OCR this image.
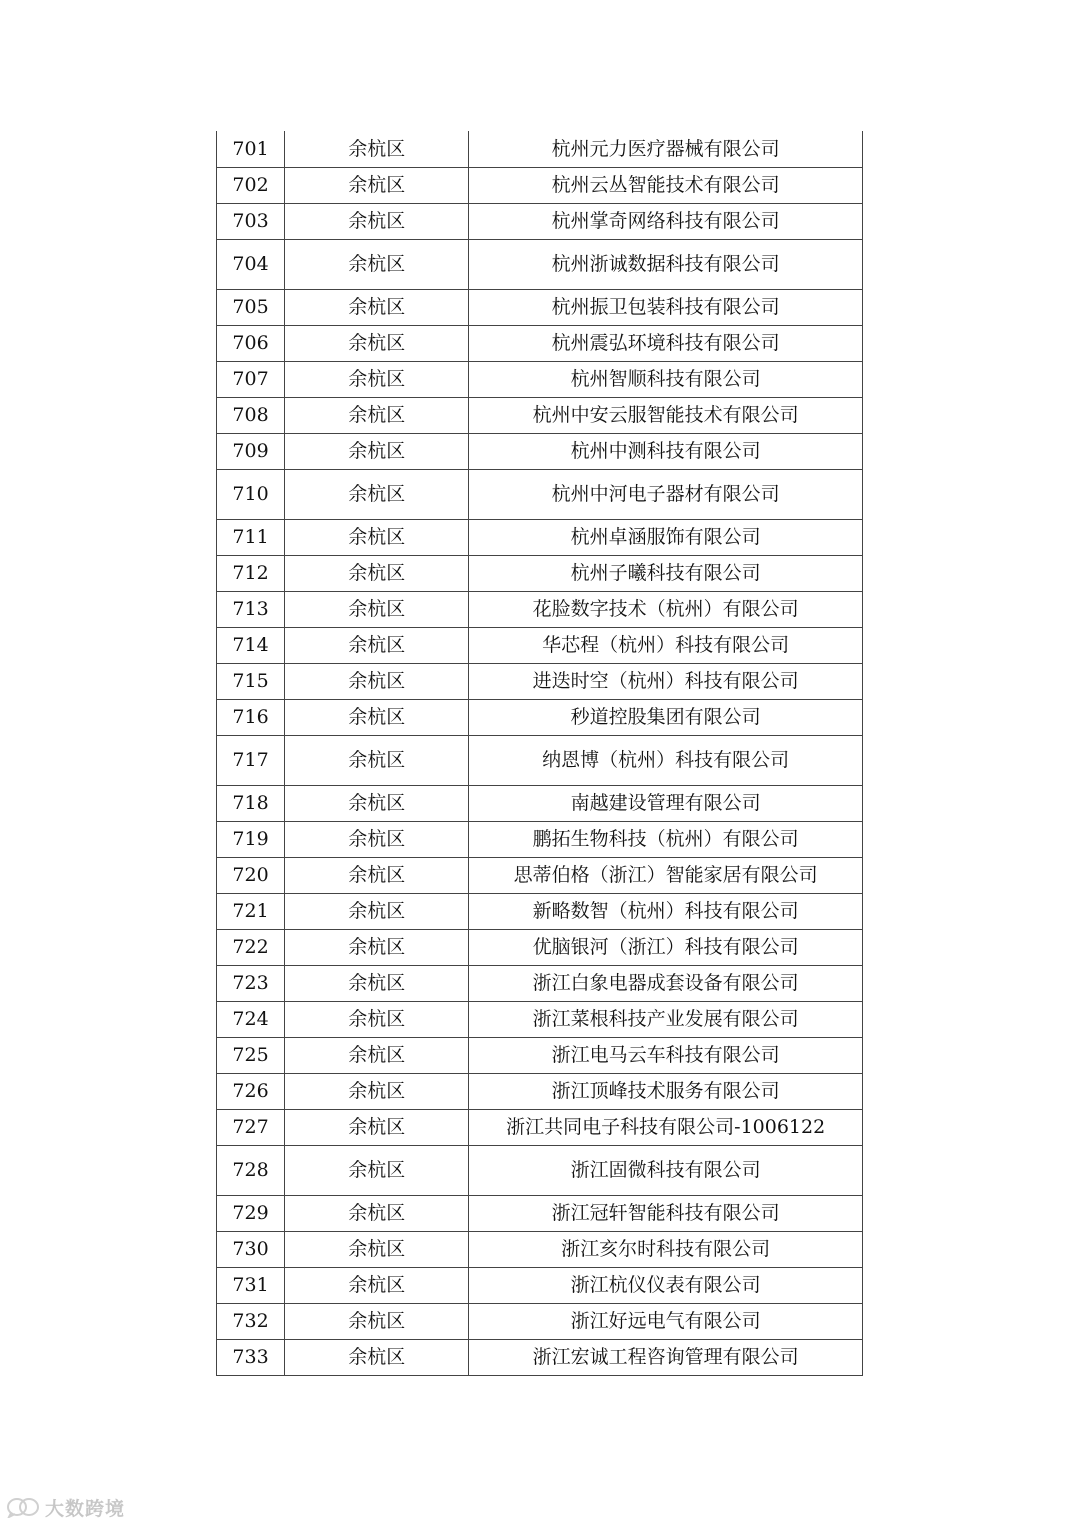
701	余杭区	杭州元力医疗器械有限公司
702	余杭区	杭州云丛智能技术有限公司
703	余杭区	杭州掌奇网络科技有限公司
704	余杭区	杭州浙诚数据科技有限公司
705	余杭区	杭州振卫包装科技有限公司
706	余杭区	杭州震弘环境科技有限公司
707	余杭区	杭州智顺科技有限公司
708	余杭区	杭州中安云服智能技术有限公司
709	余杭区	杭州中测科技有限公司
710	余杭区	杭州中河电子器材有限公司
711	余杭区	杭州卓涵服饰有限公司
712	余杭区	杭州子曦科技有限公司
713	余杭区	花脸数字技术（杭州）有限公司
714	余杭区	华芯程（杭州）科技有限公司
715	余杭区	进迭时空（杭州）科技有限公司
716	余杭区	秒道控股集团有限公司
717	余杭区	纳恩博（杭州）科技有限公司
718	余杭区	南越建设管理有限公司
719	余杭区	鹏拓生物科技（杭州）有限公司
720	余杭区	思蒂伯格（浙江）智能家居有限公司
721	余杭区	新略数智（杭州）科技有限公司
722	余杭区	优脑银河（浙江）科技有限公司
723	余杭区	浙江白象电器成套设备有限公司
724	余杭区	浙江菜根科技产业发展有限公司
725	余杭区	浙江电马云车科技有限公司
726	余杭区	浙江顶峰技术服务有限公司
727	余杭区	浙江共同电子科技有限公司-1006122
728	余杭区	浙江固微科技有限公司
729	余杭区	浙江冠轩智能科技有限公司
730	余杭区	浙江亥尔时科技有限公司
731	余杭区	浙江杭仪仪表有限公司
732	余杭区	浙江好远电气有限公司
733	余杭区	浙江宏诚工程咨询管理有限公司
大数跨境
